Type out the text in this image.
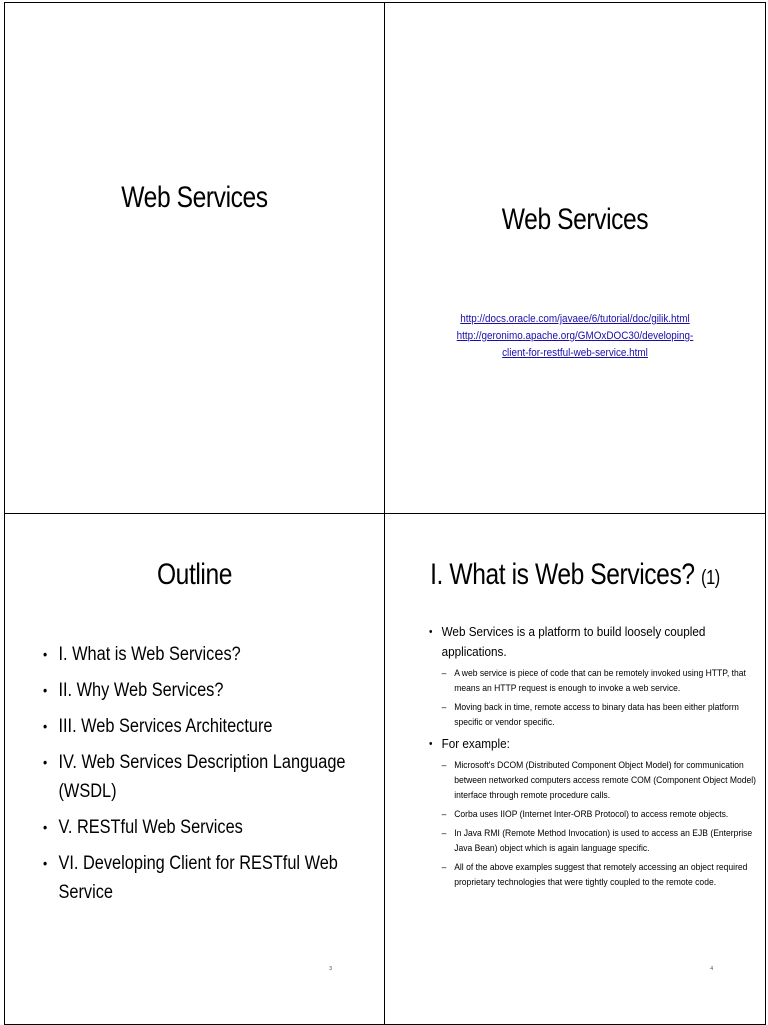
Web Services
Web Services
http://docs.oracle.com/javaee/6/tutorial/doc/gilik.html
http://geronimo.apache.org/GMOxDOC30/developing-
client-for-restful-web-service.html
Outline
• I. What is Web Services?
• II. Why Web Services?
• III. Web Services Architecture
• IV. Web Services Description Language (WSDL)
• V. RESTful Web Services
• VI. Developing Client for RESTful Web Service
3
I. What is Web Services? (1)
• Web Services is a platform to build loosely coupled applications.
– A web service is piece of code that can be remotely invoked using HTTP, that means an HTTP request is enough to invoke a web service.
– Moving back in time, remote access to binary data has been either platform specific or vendor specific.
• For example:
– Microsoft's DCOM (Distributed Component Object Model) for communication between networked computers access remote COM (Component Object Model) interface through remote procedure calls.
– Corba uses IIOP (Internet Inter-ORB Protocol) to access remote objects.
– In Java RMI (Remote Method Invocation) is used to access an EJB (Enterprise Java Bean) object which is again language specific.
– All of the above examples suggest that remotely accessing an object required proprietary technologies that were tightly coupled to the remote code.
4
